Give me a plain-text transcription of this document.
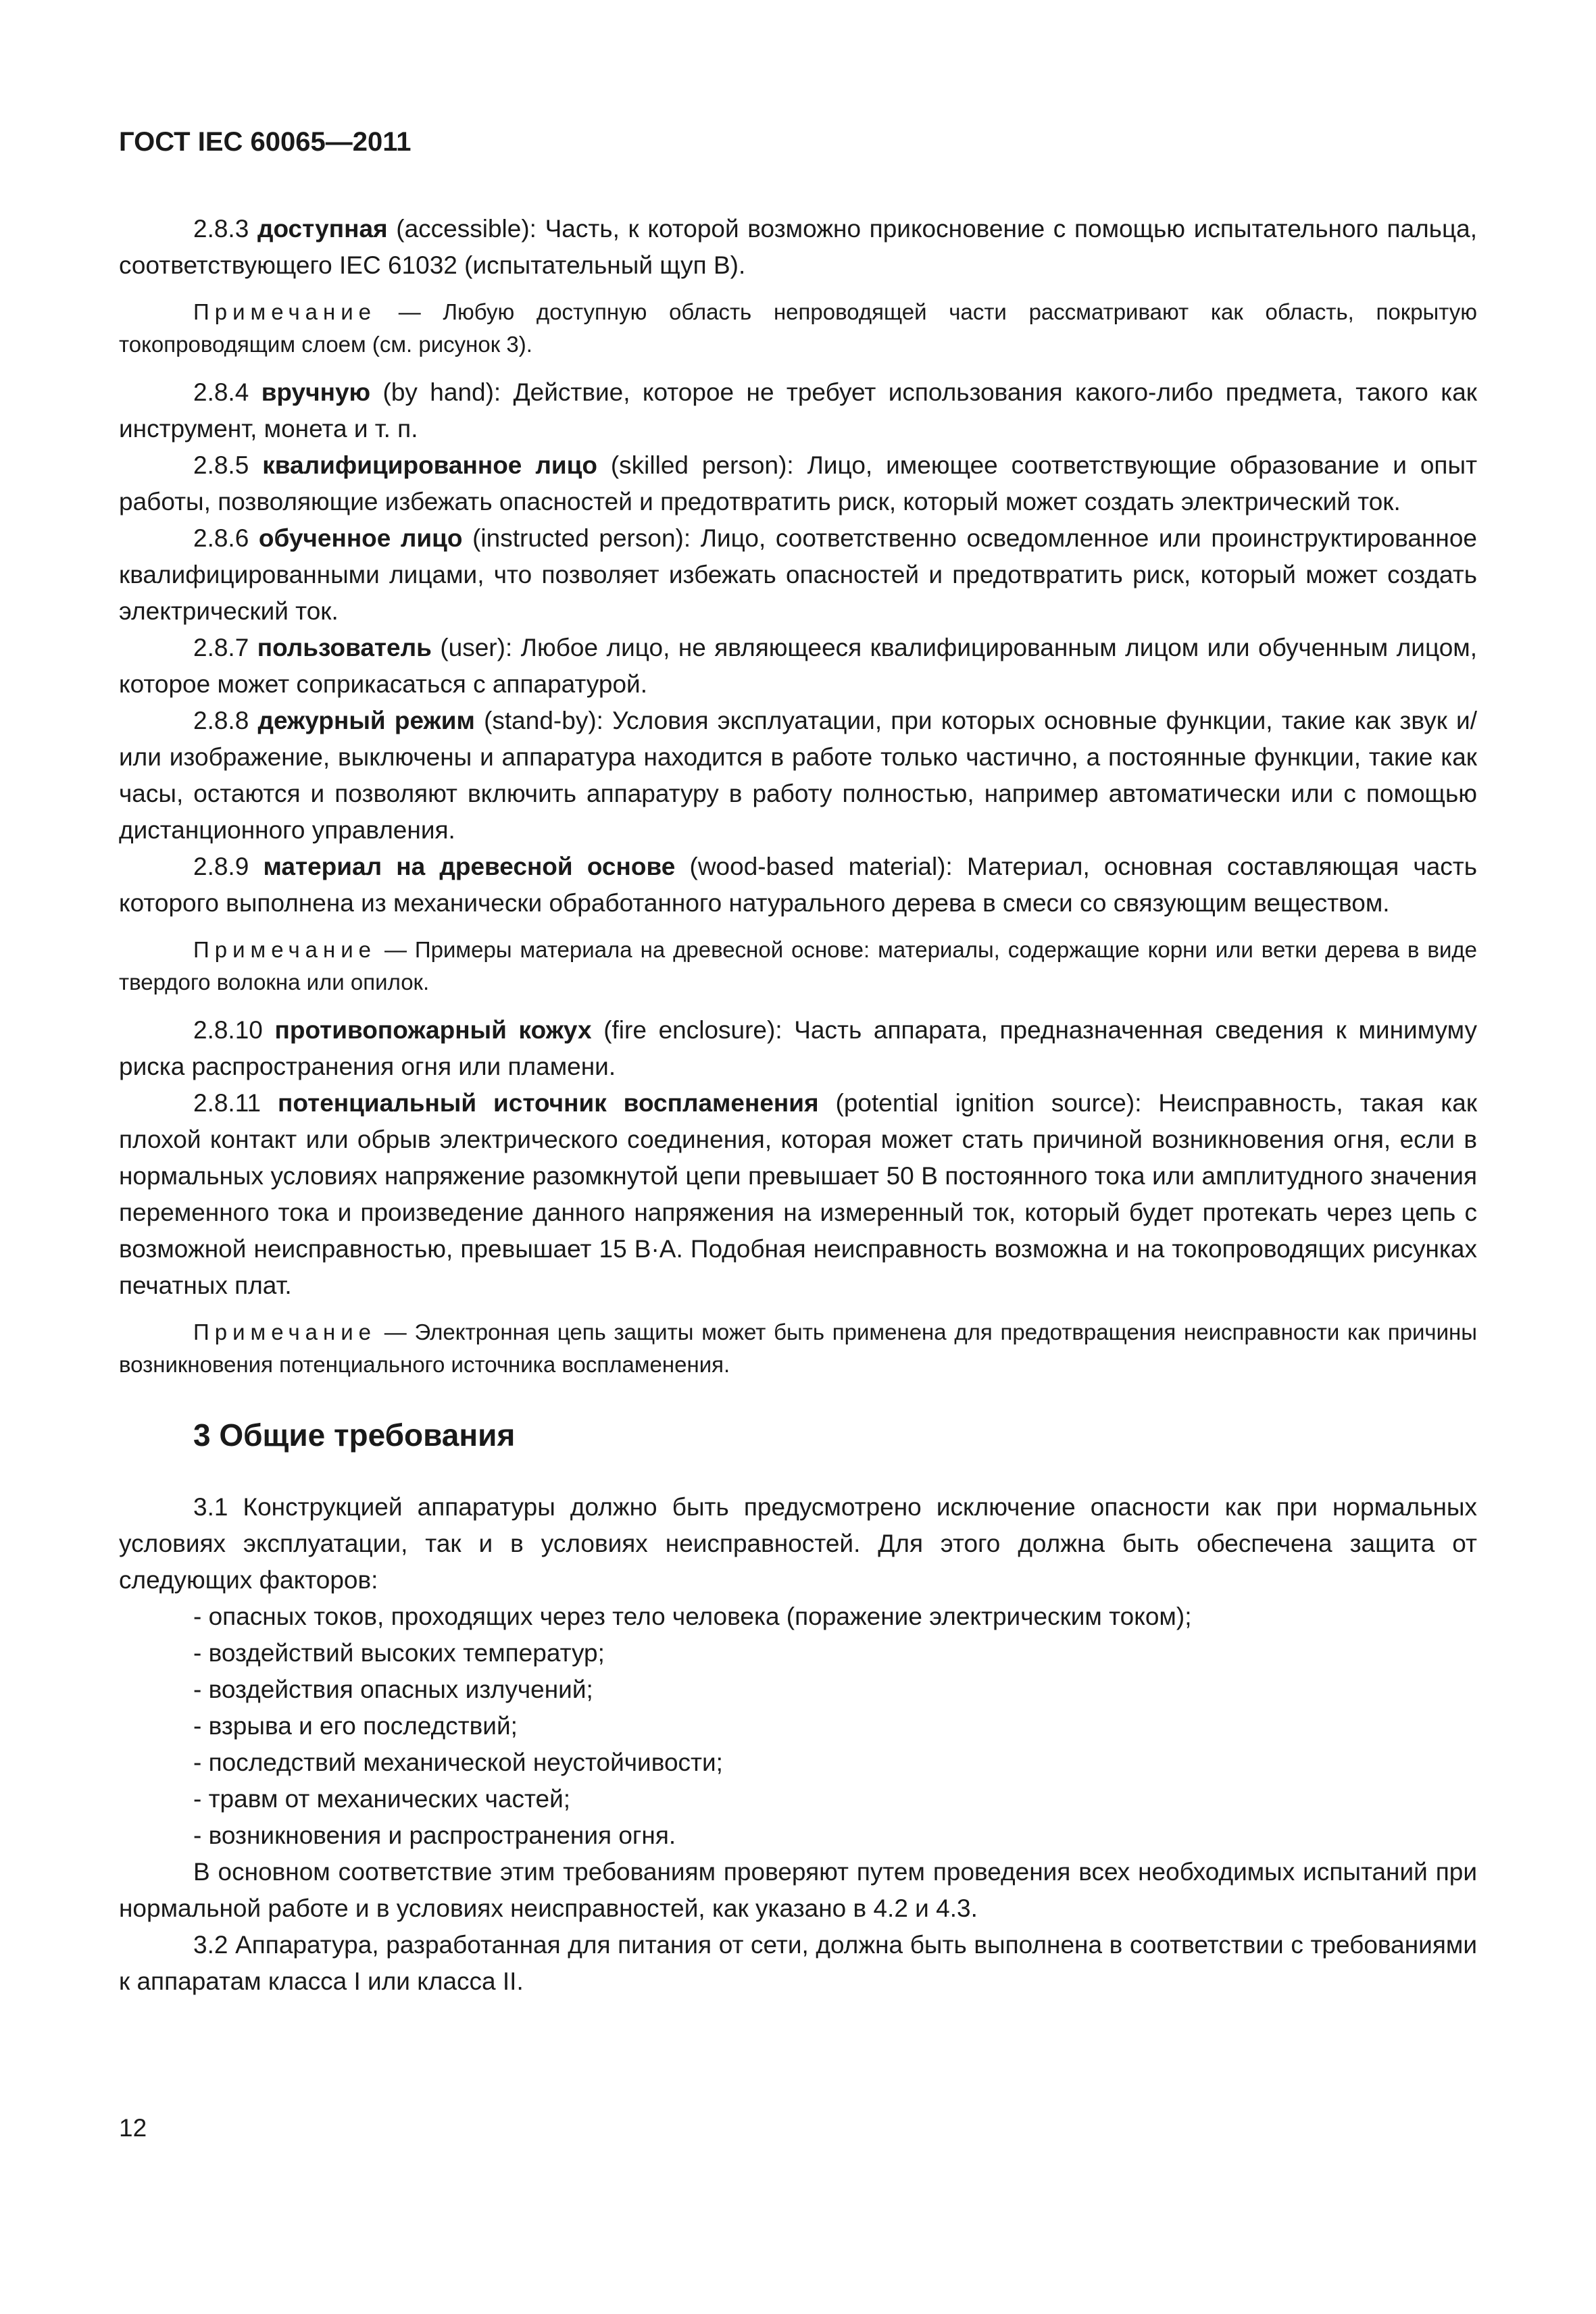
ГОСТ IEC 60065—2011

2.8.3 доступная (accessible): Часть, к которой возможно прикосновение с помощью испытательного пальца, соответствующего IEC 61032 (испытательный щуп В).

Примечание — Любую доступную область непроводящей части рассматривают как область, покрытую токопроводящим слоем (см. рисунок 3).

2.8.4 вручную (by hand): Действие, которое не требует использования какого-либо предмета, такого как инструмент, монета и т. п.

2.8.5 квалифицированное лицо (skilled person): Лицо, имеющее соответствующие образование и опыт работы, позволяющие избежать опасностей и предотвратить риск, который может создать электрический ток.

2.8.6 обученное лицо (instructed person): Лицо, соответственно осведомленное или проинструктированное квалифицированными лицами, что позволяет избежать опасностей и предотвратить риск, который может создать электрический ток.

2.8.7 пользователь (user): Любое лицо, не являющееся квалифицированным лицом или обученным лицом, которое может соприкасаться с аппаратурой.

2.8.8 дежурный режим (stand-by): Условия эксплуатации, при которых основные функции, такие как звук и/или изображение, выключены и аппаратура находится в работе только частично, а постоянные функции, такие как часы, остаются и позволяют включить аппаратуру в работу полностью, например автоматически или с помощью дистанционного управления.

2.8.9 материал на древесной основе (wood-based material): Материал, основная составляющая часть которого выполнена из механически обработанного натурального дерева в смеси со связующим веществом.

Примечание — Примеры материала на древесной основе: материалы, содержащие корни или ветки дерева в виде твердого волокна или опилок.

2.8.10 противопожарный кожух (fire enclosure): Часть аппарата, предназначенная сведения к минимуму риска распространения огня или пламени.

2.8.11 потенциальный источник воспламенения (potential ignition source): Неисправность, такая как плохой контакт или обрыв электрического соединения, которая может стать причиной возникновения огня, если в нормальных условиях напряжение разомкнутой цепи превышает 50 В постоянного тока или амплитудного значения переменного тока и произведение данного напряжения на измеренный ток, который будет протекать через цепь с возможной неисправностью, превышает 15 В·А. Подобная неисправность возможна и на токопроводящих рисунках печатных плат.

Примечание — Электронная цепь защиты может быть применена для предотвращения неисправности как причины возникновения потенциального источника воспламенения.

3 Общие требования

3.1 Конструкцией аппаратуры должно быть предусмотрено исключение опасности как при нормальных условиях эксплуатации, так и в условиях неисправностей. Для этого должна быть обеспечена защита от следующих факторов:

- опасных токов, проходящих через тело человека (поражение электрическим током);
- воздействий высоких температур;
- воздействия опасных излучений;
- взрыва и его последствий;
- последствий механической неустойчивости;
- травм от механических частей;
- возникновения и распространения огня.

В основном соответствие этим требованиям проверяют путем проведения всех необходимых испытаний при нормальной работе и в условиях неисправностей, как указано в 4.2 и 4.3.

3.2 Аппаратура, разработанная для питания от сети, должна быть выполнена в соответствии с требованиями к аппаратам класса I или класса II.

12
